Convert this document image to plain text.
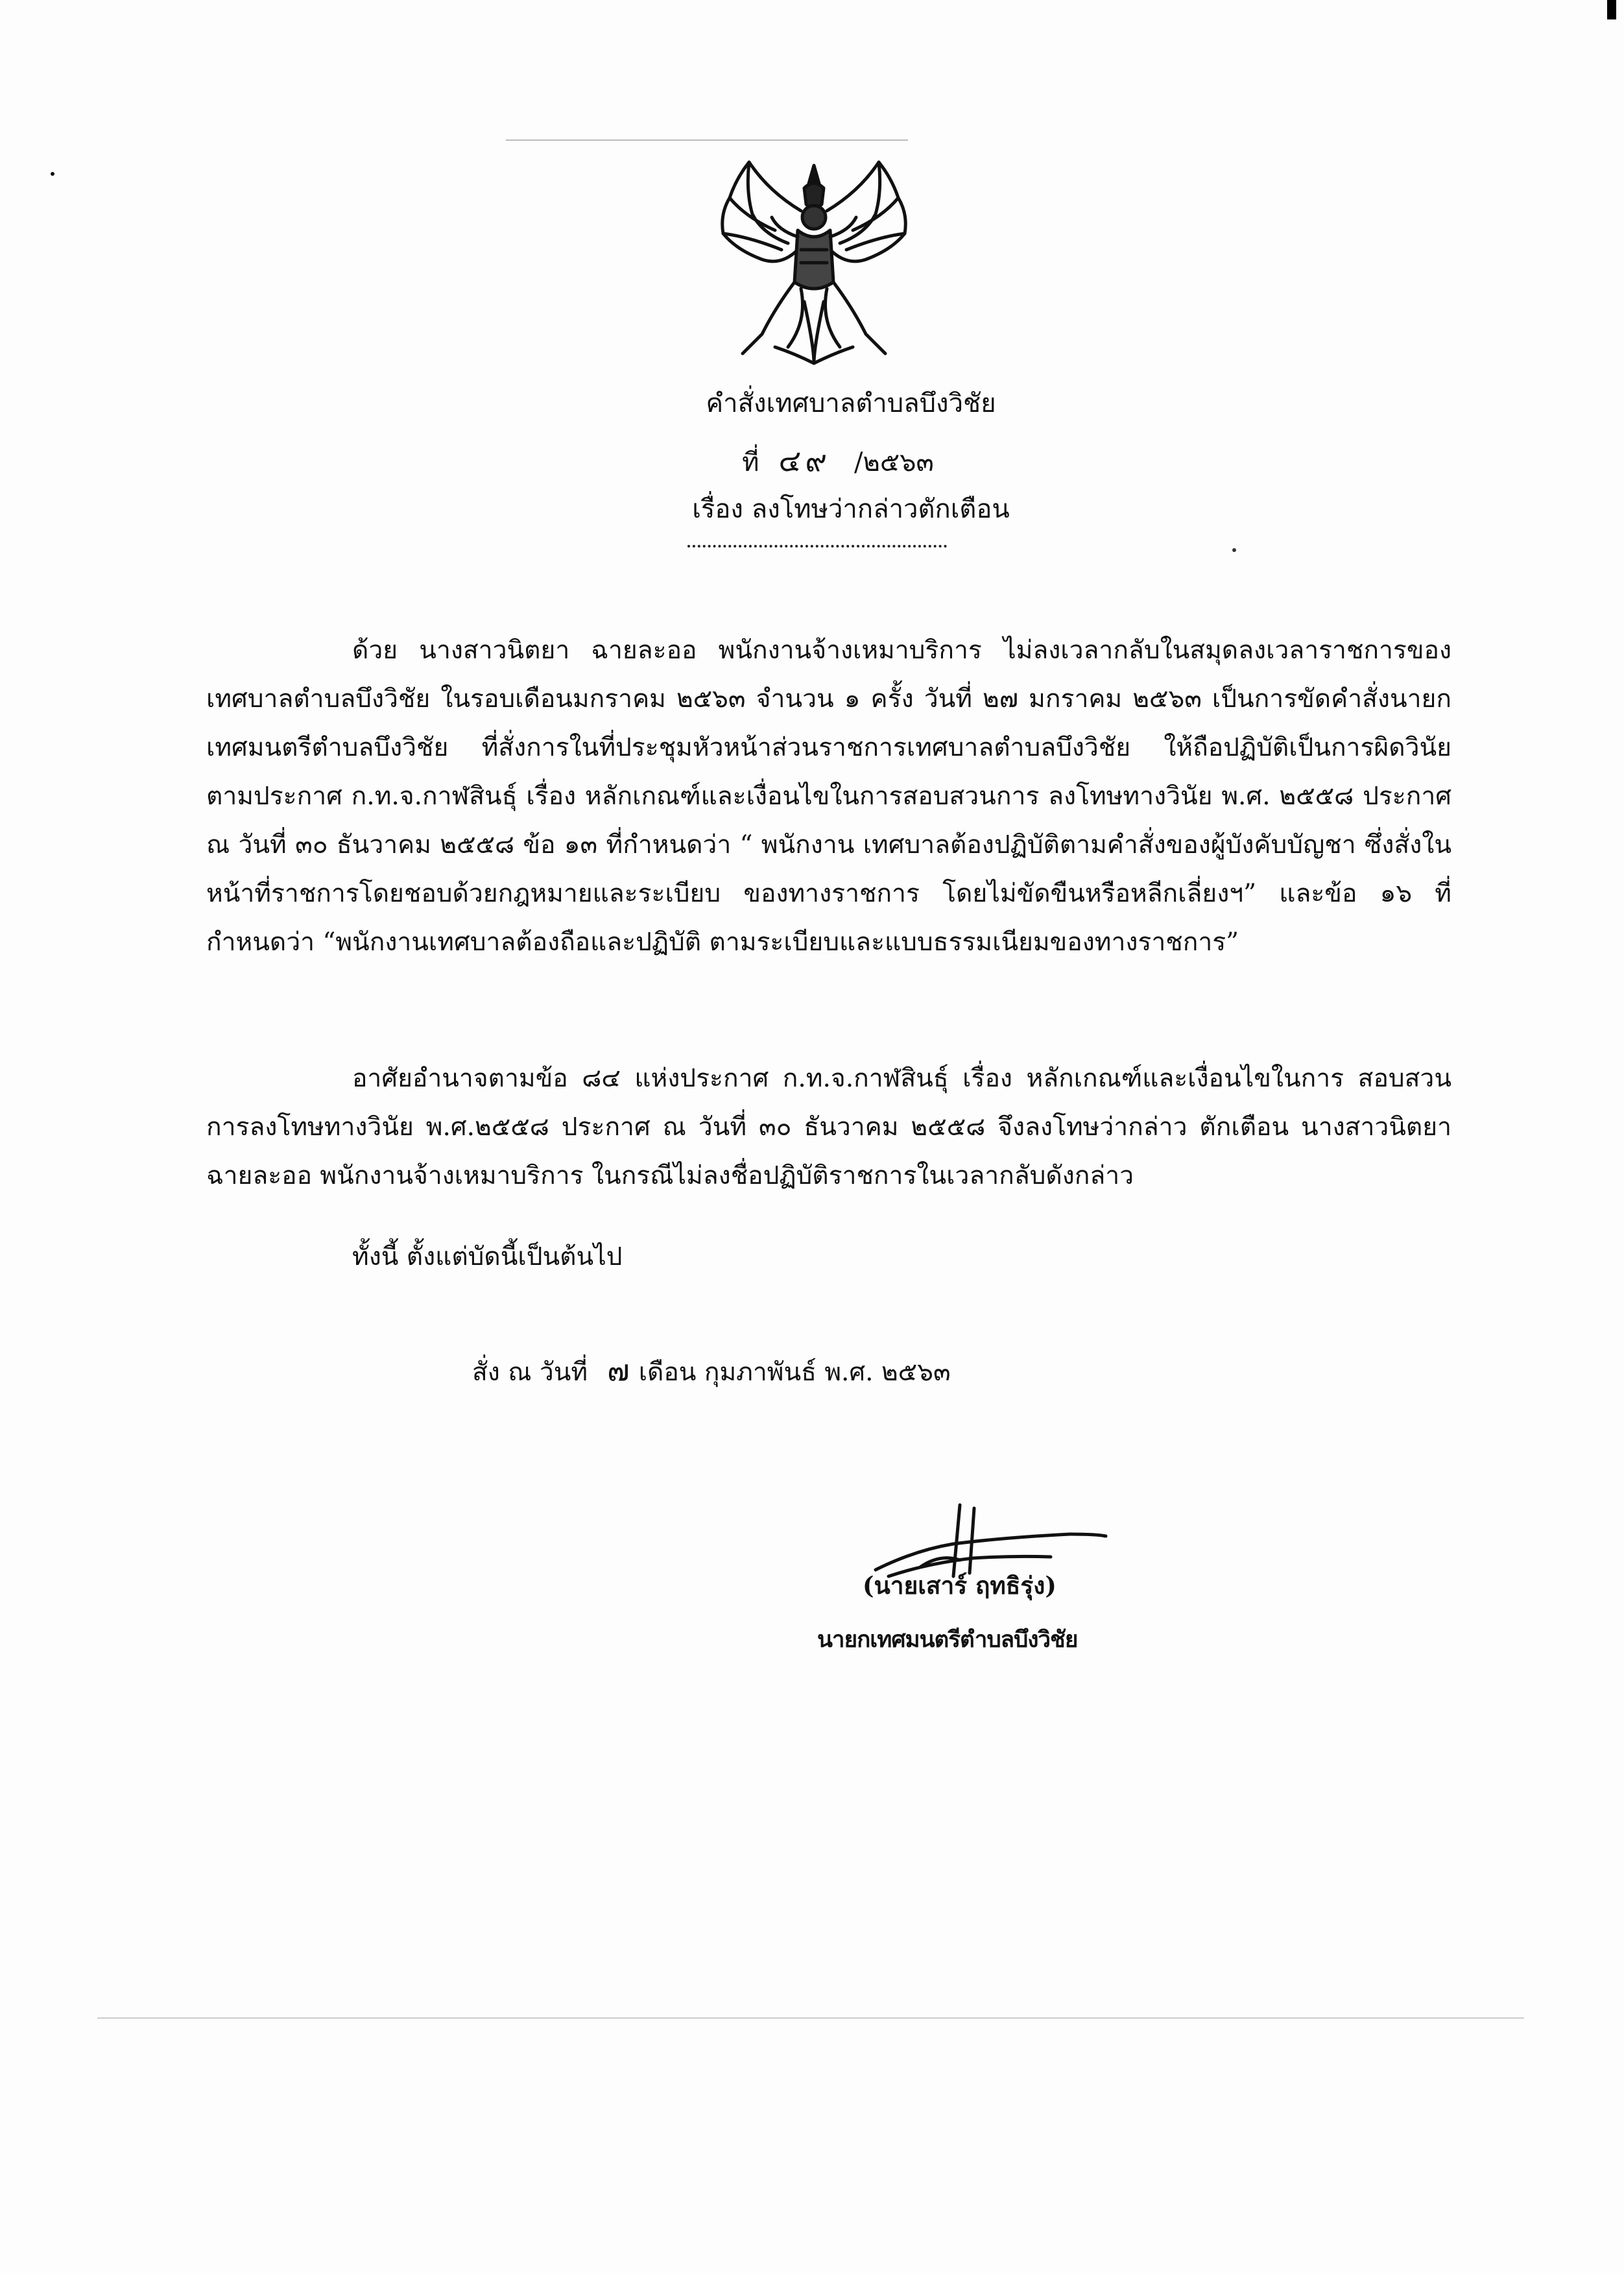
คำสั่งเทศบาลตำบลบึงวิชัย
ที่ ๔๙ /๒๕๖๓
เรื่อง ลงโทษว่ากล่าวตักเตือน
ด้วย นางสาวนิตยา ฉายละออ พนักงานจ้างเหมาบริการ ไม่ลงเวลากลับในสมุดลงเวลาราชการของเทศบาลตำบลบึงวิชัย ในรอบเดือนมกราคม ๒๕๖๓ จำนวน ๑ ครั้ง วันที่ ๒๗ มกราคม ๒๕๖๓ เป็นการขัดคำสั่งนายกเทศมนตรีตำบลบึงวิชัย ที่สั่งการในที่ประชุมหัวหน้าส่วนราชการเทศบาลตำบลบึงวิชัย ให้ถือปฏิบัติเป็นการผิดวินัย ตามประกาศ ก.ท.จ.กาฬสินธุ์ เรื่อง หลักเกณฑ์และเงื่อนไขในการสอบสวนการ ลงโทษทางวินัย พ.ศ. ๒๕๕๘ ประกาศ ณ วันที่ ๓๐ ธันวาคม ๒๕๕๘ ข้อ ๑๓ ที่กำหนดว่า “ พนักงาน เทศบาลต้องปฏิบัติตามคำสั่งของผู้บังคับบัญชา ซึ่งสั่งในหน้าที่ราชการโดยชอบด้วยกฎหมายและระเบียบ ของทางราชการ โดยไม่ขัดขืนหรือหลีกเลี่ยงฯ” และข้อ ๑๖ ที่กำหนดว่า “พนักงานเทศบาลต้องถือและปฏิบัติ ตามระเบียบและแบบธรรมเนียมของทางราชการ”
อาศัยอำนาจตามข้อ ๘๔ แห่งประกาศ ก.ท.จ.กาฬสินธุ์ เรื่อง หลักเกณฑ์และเงื่อนไขในการ สอบสวนการลงโทษทางวินัย พ.ศ.๒๕๕๘ ประกาศ ณ วันที่ ๓๐ ธันวาคม ๒๕๕๘ จึงลงโทษว่ากล่าว ตักเตือน นางสาวนิตยา ฉายละออ พนักงานจ้างเหมาบริการ ในกรณีไม่ลงชื่อปฏิบัติราชการในเวลากลับดังกล่าว
ทั้งนี้ ตั้งแต่บัดนี้เป็นต้นไป
สั่ง ณ วันที่ ๗ เดือน กุมภาพันธ์ พ.ศ. ๒๕๖๓
(นายเสาร์ ฤทธิรุ่ง)
นายกเทศมนตรีตำบลบึงวิชัย
